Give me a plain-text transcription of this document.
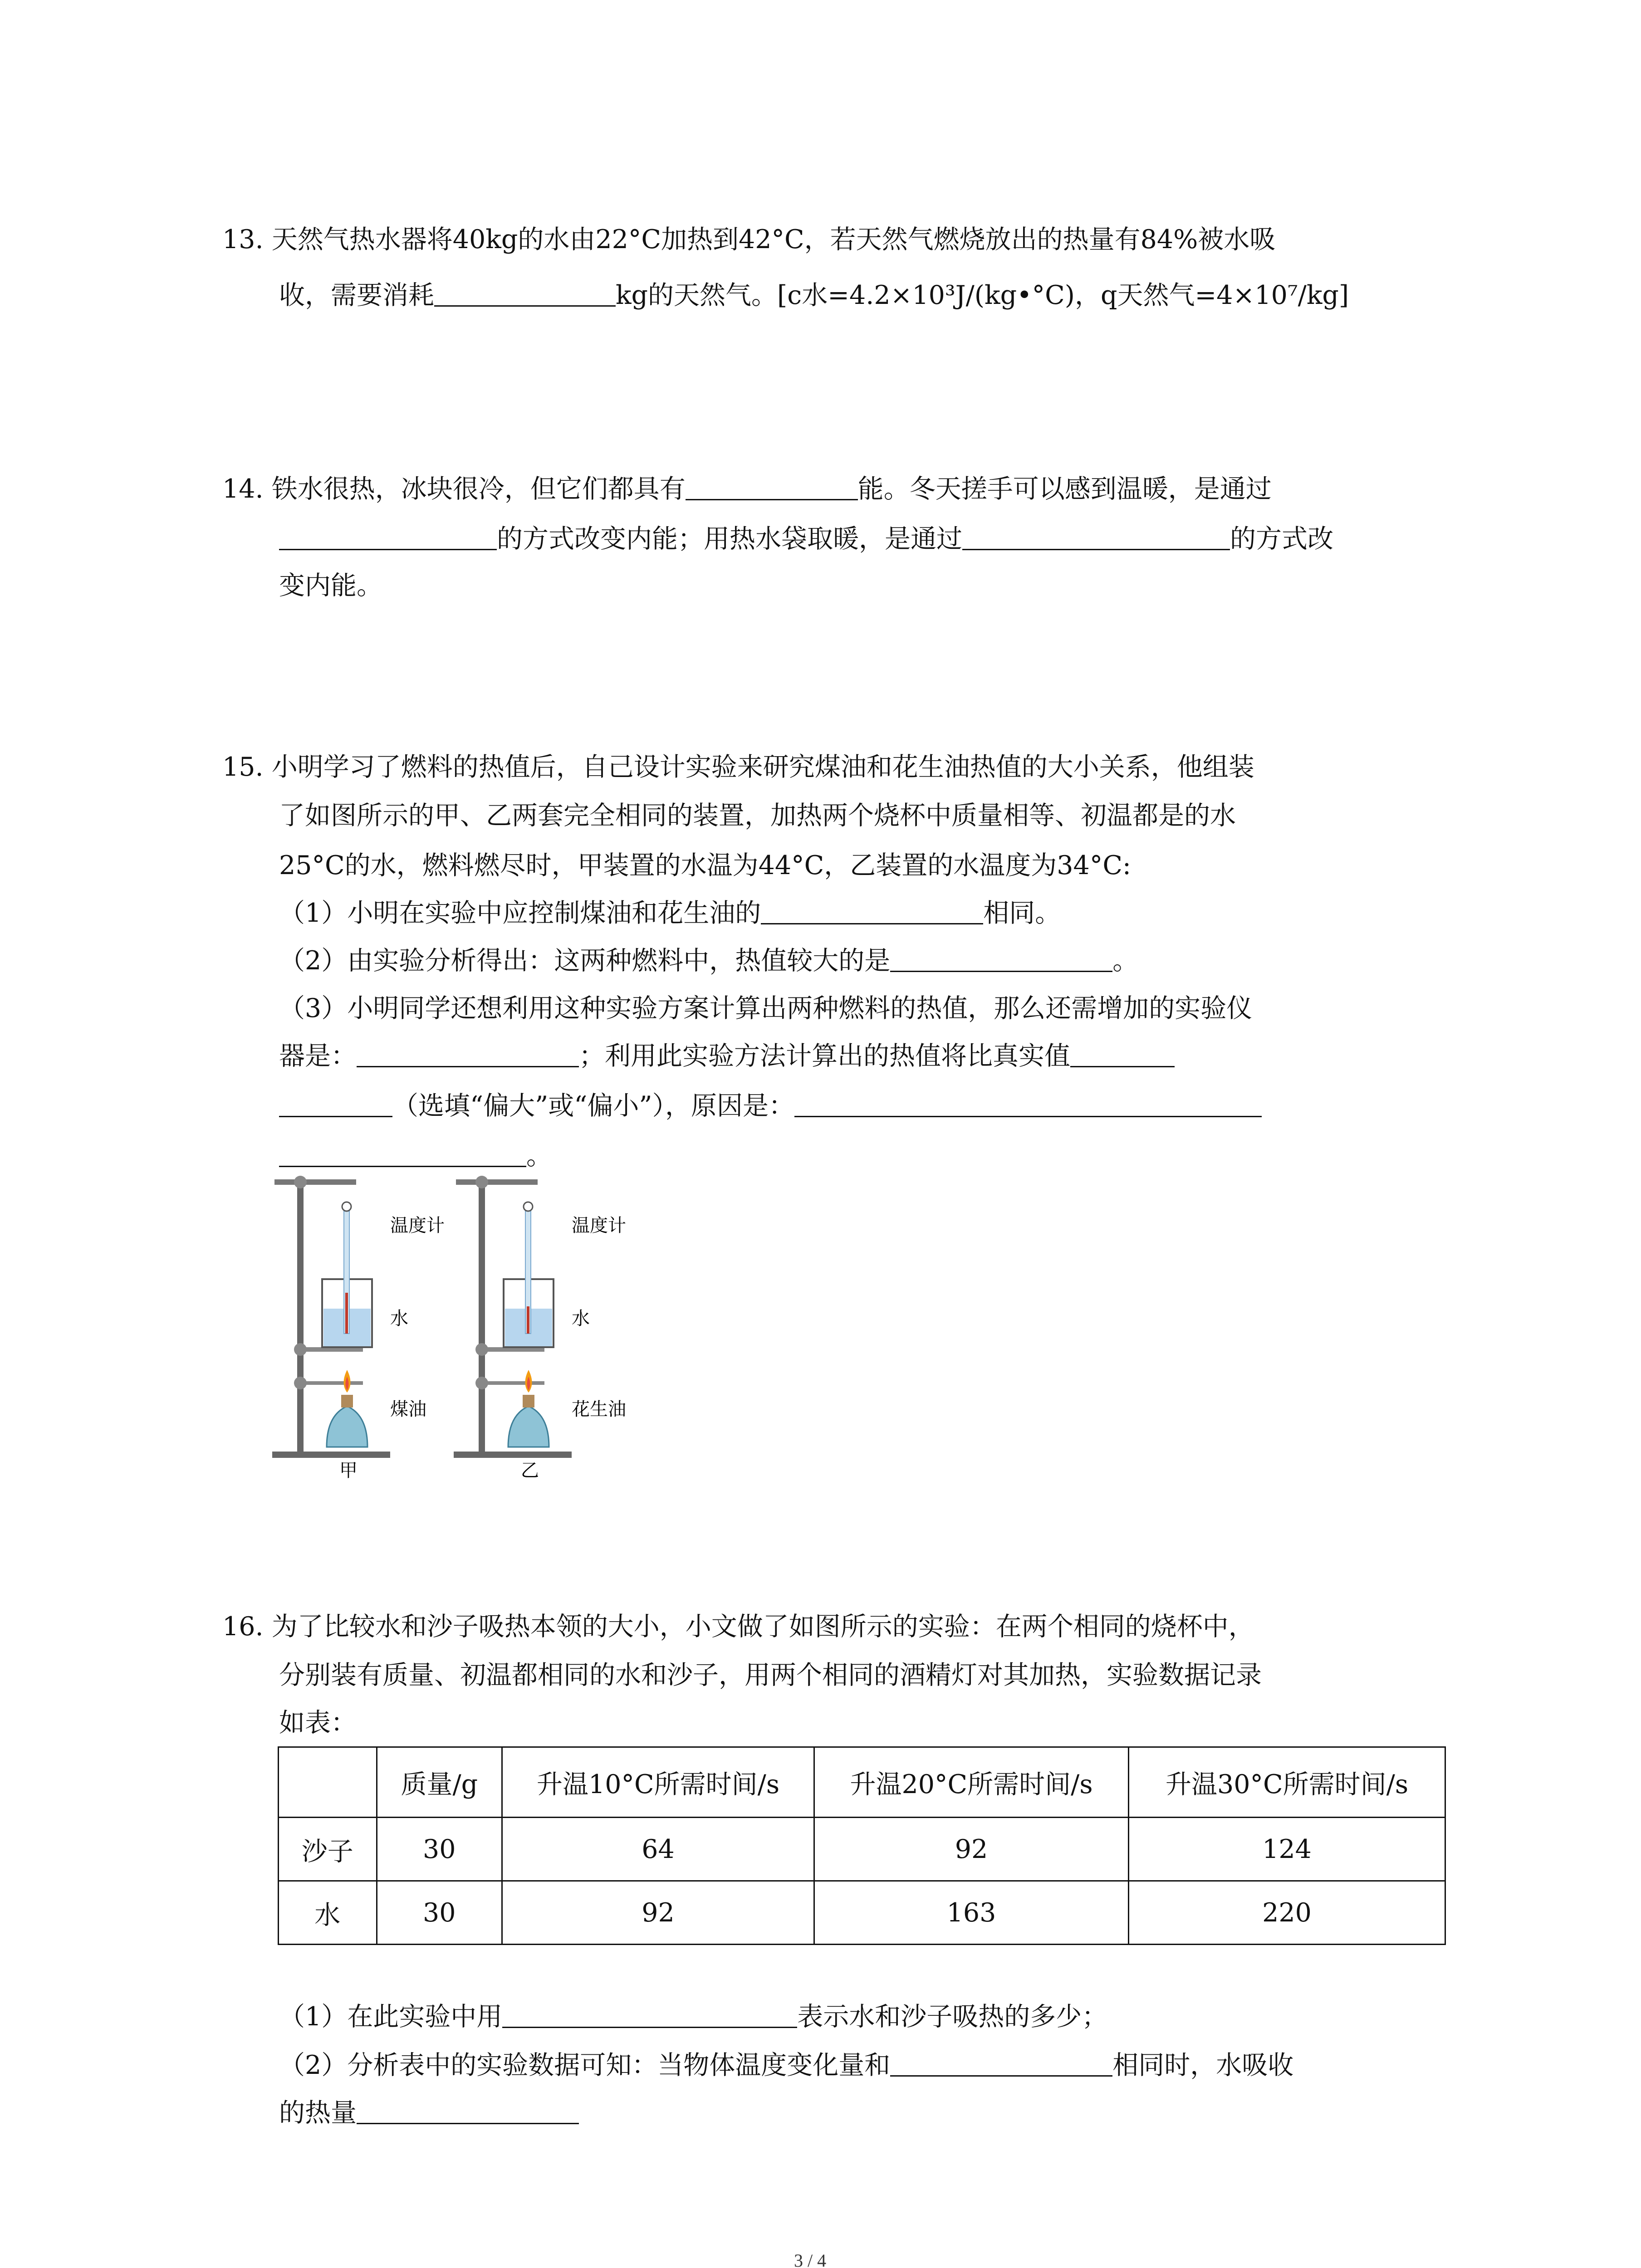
13. 天然气热水器将40kg的水由22°C加热到42°C，若天然气燃烧放出的热量有84%被水吸
收，需要消耗	kg的天然气。[c水=4.2×10³J/(kg•°C)，q天然气=4×10⁷/kg]
14. 铁水很热，冰块很冷，但它们都具有	能。冬天搓手可以感到温暖，是通过
的方式改变内能；用热水袋取暖，是通过	的方式改
变内能。
15. 小明学习了燃料的热值后，自己设计实验来研究煤油和花生油热值的大小关系，他组装
了如图所示的甲、乙两套完全相同的装置，加热两个烧杯中质量相等、初温都是的水
25°C的水，燃料燃尽时，甲装置的水温为44°C，乙装置的水温度为34°C:
（1）小明在实验中应控制煤油和花生油的	相同。
（2）由实验分析得出：这两种燃料中，热值较大的是	。
（3）小明同学还想利用这种实验方案计算出两种燃料的热值，那么还需增加的实验仪
器是：	；利用此实验方法计算出的热值将比真实值
（选填“偏大”或“偏小”），原因是：
。
温度计
水
煤油
甲
温度计
水
花生油
乙
16. 为了比较水和沙子吸热本领的大小，小文做了如图所示的实验：在两个相同的烧杯中，
分别装有质量、初温都相同的水和沙子，用两个相同的酒精灯对其加热，实验数据记录
如表：
	质量/g	升温10°C所需时间/s	升温20°C所需时间/s	升温30°C所需时间/s
沙子	30	64	92	124
水	30	92	163	220
（1）在此实验中用	表示水和沙子吸热的多少；
（2）分析表中的实验数据可知：当物体温度变化量和	相同时，水吸收
的热量
3 / 4
